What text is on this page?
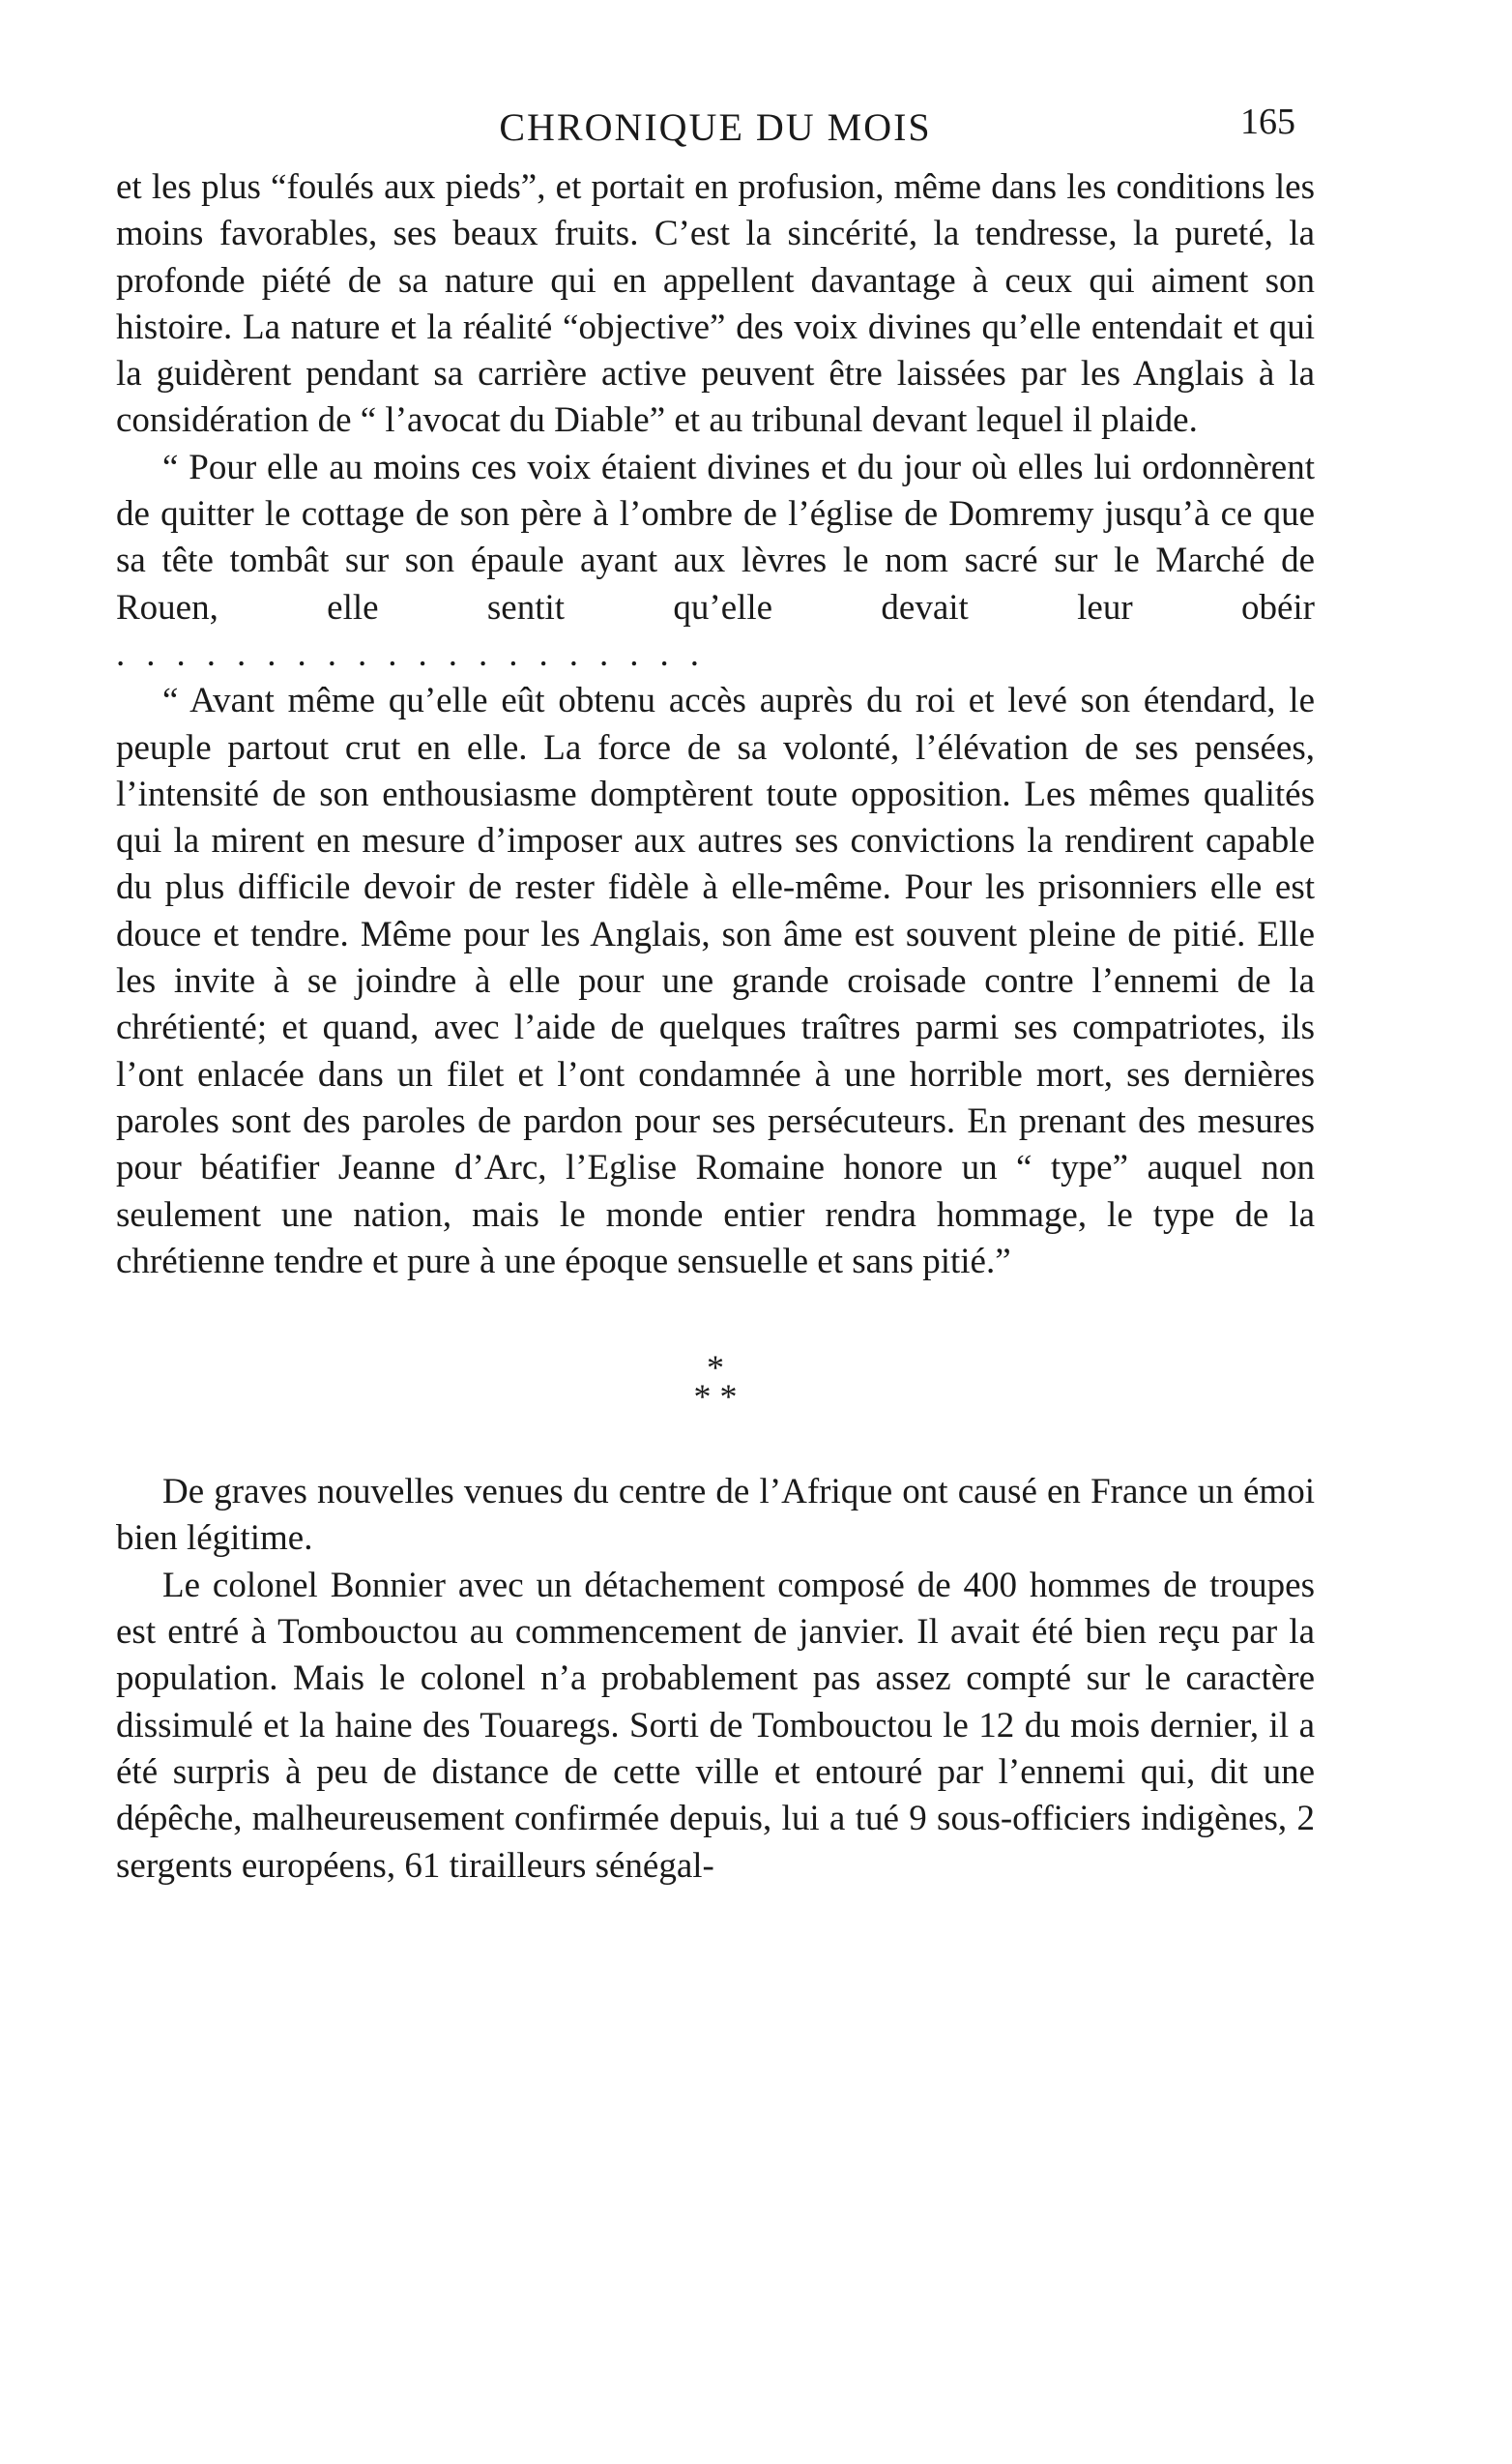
CHRONIQUE DU MOIS	165

et les plus “foulés aux pieds”, et portait en profusion, même dans les conditions les moins favorables, ses beaux fruits. C’est la sincérité, la tendresse, la pureté, la profonde piété de sa nature qui en appellent davantage à ceux qui aiment son histoire. La nature et la réalité “objective” des voix divines qu’elle entendait et qui la guidèrent pendant sa carrière active peuvent être laissées par les Anglais à la considération de “ l’avocat du Diable” et au tribunal devant lequel il plaide.

“ Pour elle au moins ces voix étaient divines et du jour où elles lui ordonnèrent de quitter le cottage de son père à l’ombre de l’église de Domremy jusqu’à ce que sa tête tombât sur son épaule ayant aux lèvres le nom sacré sur le Marché de Rouen, elle sentit qu’elle devait leur obéir ....................

“ Avant même qu’elle eût obtenu accès auprès du roi et levé son étendard, le peuple partout crut en elle. La force de sa volonté, l’élévation de ses pensées, l’intensité de son enthousiasme domptèrent toute opposition. Les mêmes qualités qui la mirent en mesure d’imposer aux autres ses convictions la rendirent capable du plus difficile devoir de rester fidèle à elle-même. Pour les prisonniers elle est douce et tendre. Même pour les Anglais, son âme est souvent pleine de pitié. Elle les invite à se joindre à elle pour une grande croisade contre l’ennemi de la chrétienté; et quand, avec l’aide de quelques traîtres parmi ses compatriotes, ils l’ont enlacée dans un filet et l’ont condamnée à une horrible mort, ses dernières paroles sont des paroles de pardon pour ses persécuteurs. En prenant des mesures pour béatifier Jeanne d’Arc, l’Eglise Romaine honore un “ type” auquel non seulement une nation, mais le monde entier rendra hommage, le type de la chrétienne tendre et pure à une époque sensuelle et sans pitié.”

*
* *

De graves nouvelles venues du centre de l’Afrique ont causé en France un émoi bien légitime.

Le colonel Bonnier avec un détachement composé de 400 hommes de troupes est entré à Tombouctou au commencement de janvier. Il avait été bien reçu par la population. Mais le colonel n’a probablement pas assez compté sur le caractère dissimulé et la haine des Touaregs. Sorti de Tombouctou le 12 du mois dernier, il a été surpris à peu de distance de cette ville et entouré par l’ennemi qui, dit une dépêche, malheureusement confirmée depuis, lui a tué 9 sous-officiers indigènes, 2 sergents européens, 61 tirailleurs sénégal-
